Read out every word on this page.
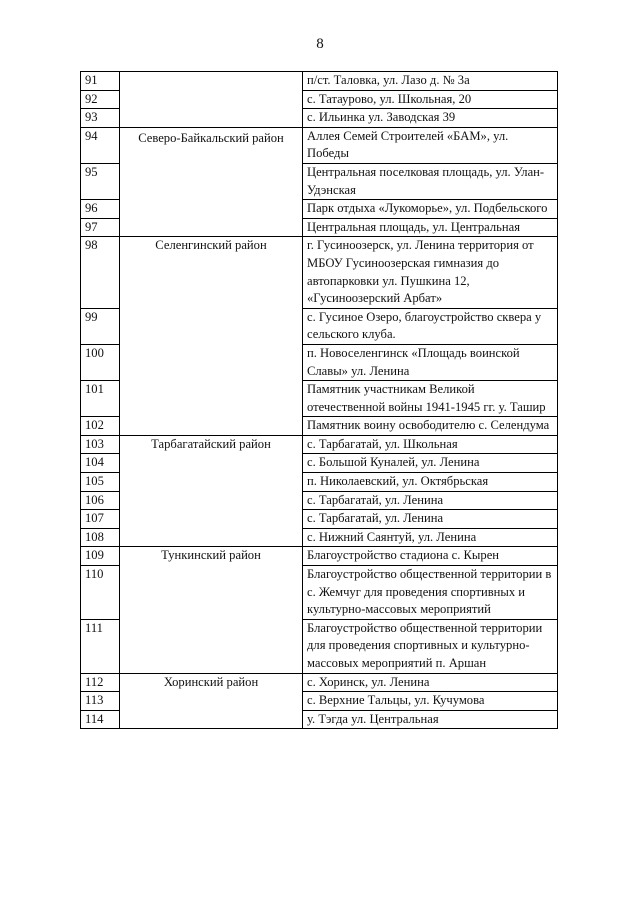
8
91		п/ст. Таловка, ул. Лазо д. № 3а
92		с. Татаурово, ул. Школьная, 20
93		с. Ильинка ул. Заводская 39
94	Северо-Байкальский район	Аллея Семей Строителей «БАМ», ул. Победы
95		Центральная поселковая площадь, ул. Улан-Удэнская
96		Парк отдыха «Лукоморье», ул. Подбельского
97		Центральная площадь, ул. Центральная
98	Селенгинский район	г. Гусиноозерск, ул. Ленина территория от МБОУ Гусиноозерская гимназия до автопарковки ул. Пушкина 12, «Гусиноозерский Арбат»
99		с. Гусиное Озеро, благоустройство сквера у сельского клуба.
100		п. Новоселенгинск «Площадь воинской Славы» ул. Ленина
101		Памятник участникам Великой отечественной войны 1941-1945 гг. у. Ташир
102		Памятник воину освободителю с. Селендума
103	Тарбагатайский район	с. Тарбагатай, ул. Школьная
104		с. Большой Куналей, ул. Ленина
105		п. Николаевский, ул. Октябрьская
106		с. Тарбагатай, ул. Ленина
107		с. Тарбагатай, ул. Ленина
108		с. Нижний Саянтуй, ул. Ленина
109	Тункинский район	Благоустройство стадиона с. Кырен
110		Благоустройство общественной территории в с. Жемчуг для проведения спортивных и культурно-массовых мероприятий
111		Благоустройство общественной территории для проведения спортивных и культурно-массовых мероприятий п. Аршан
112	Хоринский район	с. Хоринск, ул. Ленина
113		с. Верхние Тальцы, ул. Кучумова
114		у. Тэгда ул. Центральная
